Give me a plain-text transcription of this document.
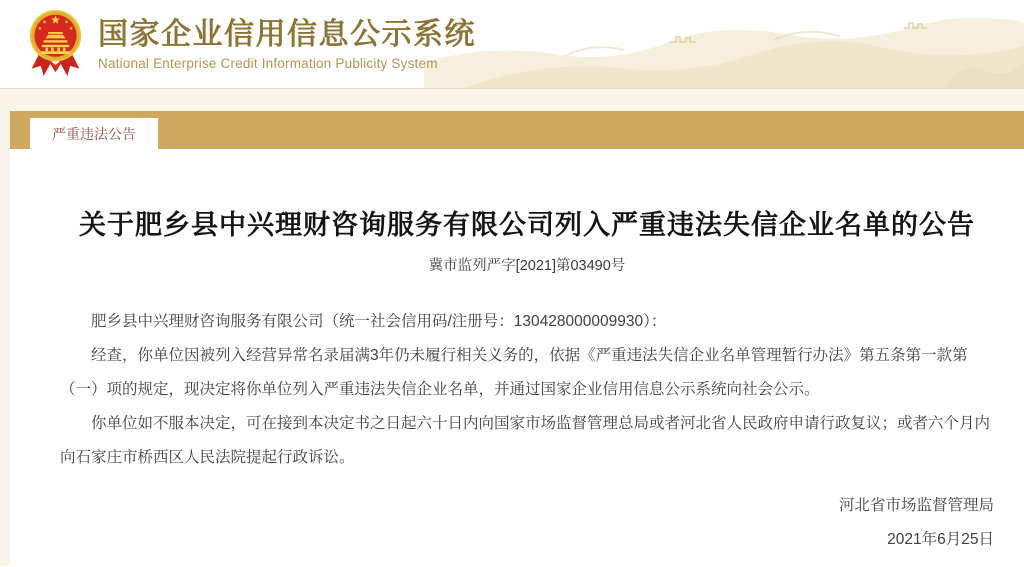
国家企业信用信息公示系统
National Enterprise Credit Information Publicity System
严重违法公告
关于肥乡县中兴理财咨询服务有限公司列入严重违法失信企业名单的公告
冀市监列严字[2021]第03490号

肥乡县中兴理财咨询服务有限公司（统一社会信用码/注册号：130428000009930）：

经查，你单位因被列入经营异常名录届满3年仍未履行相关义务的，依据《严重违法失信企业名单管理暂行办法》第五条第一款第（一）项的规定，现决定将你单位列入严重违法失信企业名单，并通过国家企业信用信息公示系统向社会公示。

你单位如不服本决定，可在接到本决定书之日起六十日内向国家市场监督管理总局或者河北省人民政府申请行政复议；或者六个月内向石家庄市桥西区人民法院提起行政诉讼。

河北省市场监督管理局
2021年6月25日
